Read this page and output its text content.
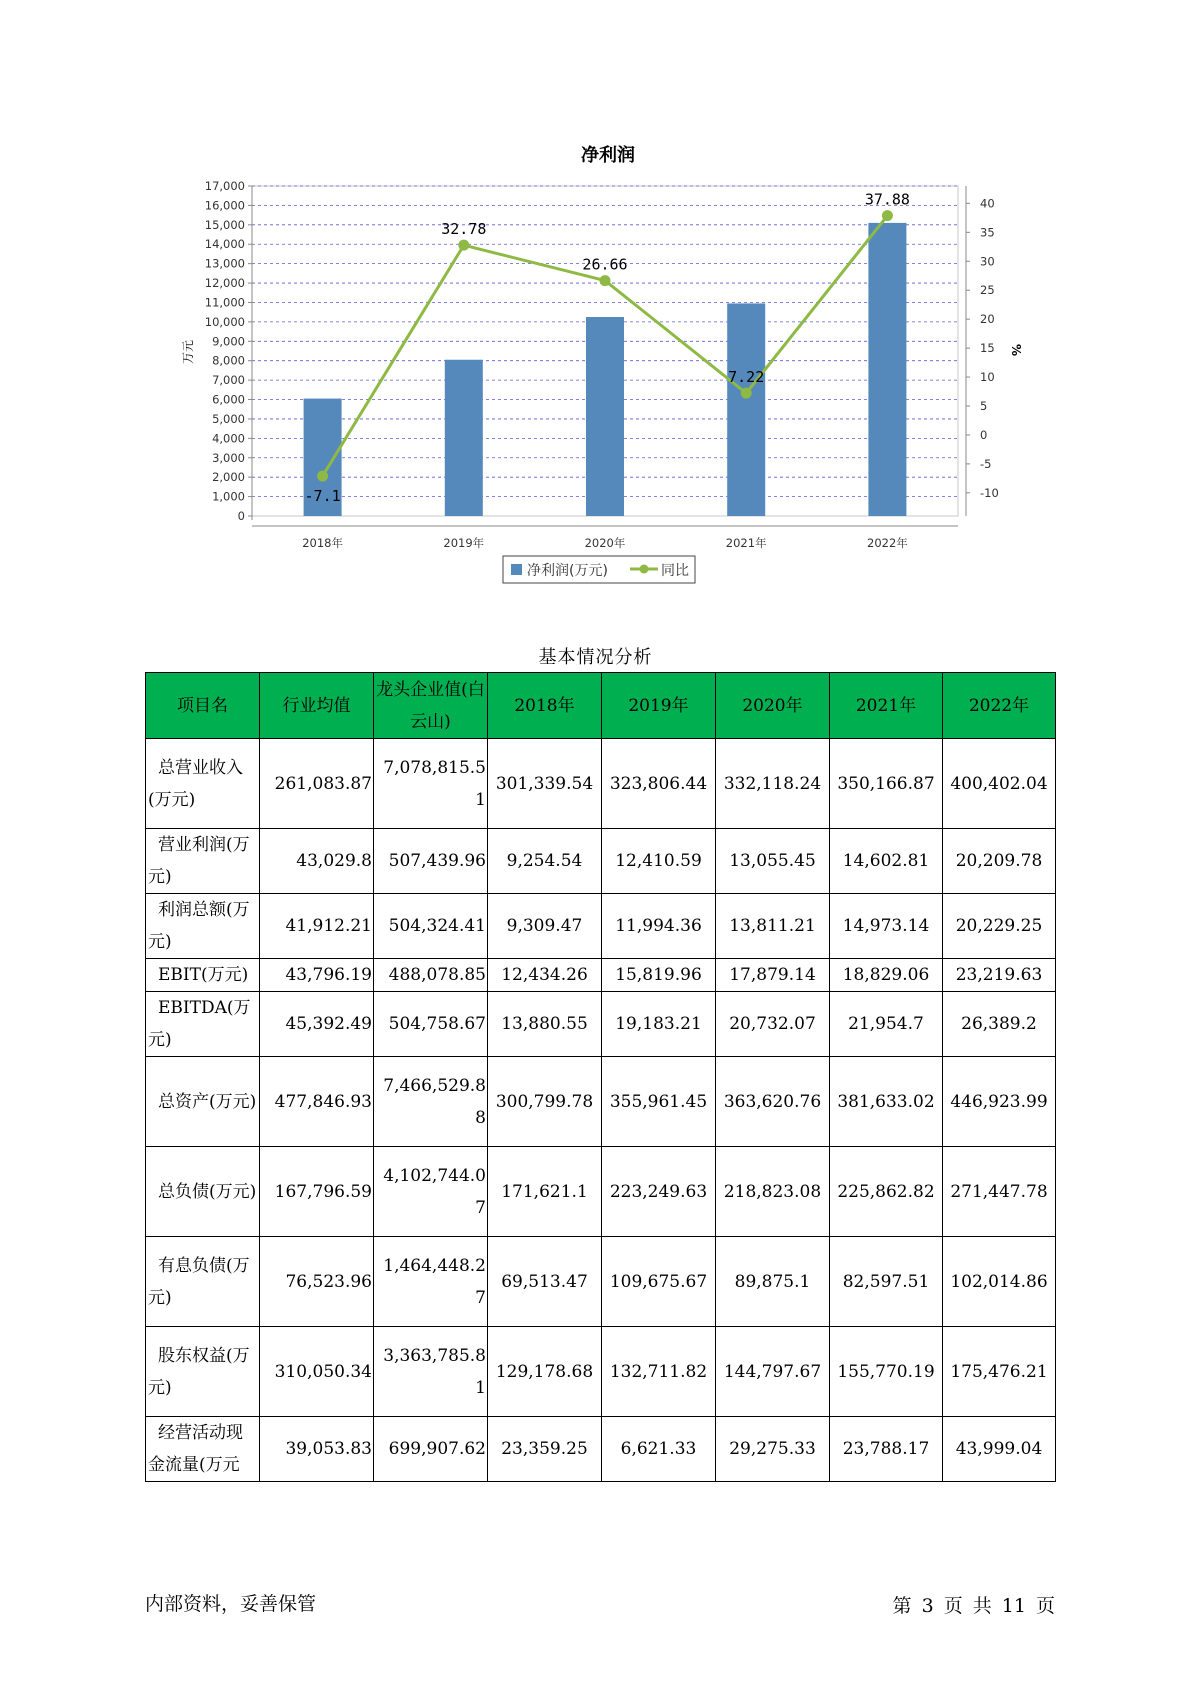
净利润
0
1,000
2,000
3,000
4,000
5,000
6,000
7,000
8,000
9,000
10,000
11,000
12,000
13,000
14,000
15,000
16,000
17,000
-10
-5
0
5
10
15
20
25
30
35
40
万元	%
2018年	2019年	2020年	2021年	2022年
-7.1
32.78
26.66
7.22
37.88
净利润(万元)	同比
基本情况分析
项目名	行业均值	龙头企业值(白云山)	2018年	2019年	2020年	2021年	2022年
总营业收入(万元)	261,083.87	7,078,815.51	301,339.54	323,806.44	332,118.24	350,166.87	400,402.04
营业利润(万元)	43,029.8	507,439.96	9,254.54	12,410.59	13,055.45	14,602.81	20,209.78
利润总额(万元)	41,912.21	504,324.41	9,309.47	11,994.36	13,811.21	14,973.14	20,229.25
EBIT(万元)	43,796.19	488,078.85	12,434.26	15,819.96	17,879.14	18,829.06	23,219.63
EBITDA(万元)	45,392.49	504,758.67	13,880.55	19,183.21	20,732.07	21,954.7	26,389.2
总资产(万元)	477,846.93	7,466,529.88	300,799.78	355,961.45	363,620.76	381,633.02	446,923.99
总负债(万元)	167,796.59	4,102,744.07	171,621.1	223,249.63	218,823.08	225,862.82	271,447.78
有息负债(万元)	76,523.96	1,464,448.27	69,513.47	109,675.67	89,875.1	82,597.51	102,014.86
股东权益(万元)	310,050.34	3,363,785.81	129,178.68	132,711.82	144,797.67	155,770.19	175,476.21
经营活动现金流量(万元	39,053.83	699,907.62	23,359.25	6,621.33	29,275.33	23,788.17	43,999.04
内部资料，妥善保管	第 3 页 共 11 页
